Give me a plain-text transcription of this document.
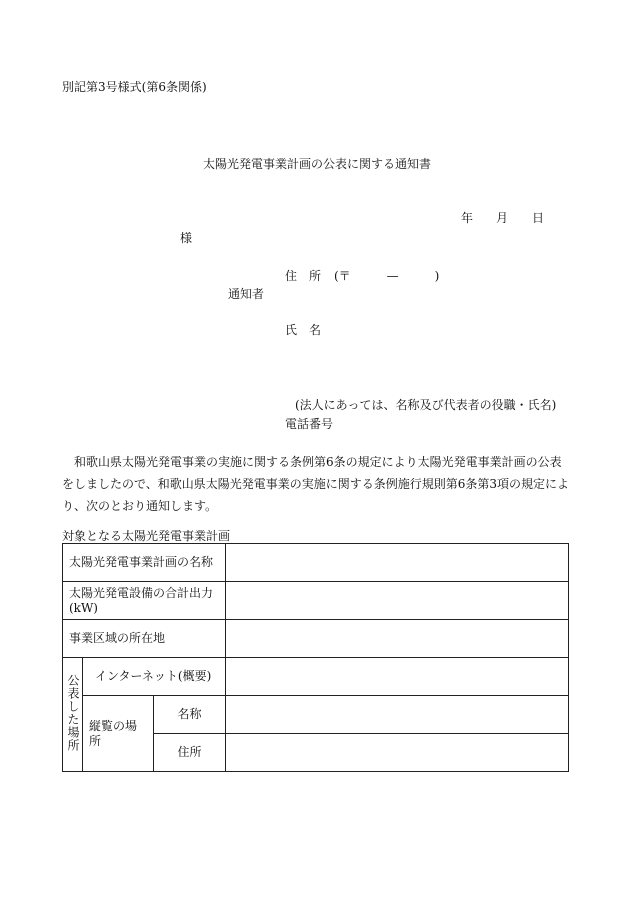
別記第3号様式(第6条関係)
太陽光発電事業計画の公表に関する通知書
年 月 日
様
住　所 (〒　　　—　　　)
通知者
氏　名
(法人にあっては、名称及び代表者の役職・氏名)
電話番号
和歌山県太陽光発電事業の実施に関する条例第6条の規定により太陽光発電事業計画の公表をしましたので、和歌山県太陽光発電事業の実施に関する条例施行規則第6条第3項の規定により、次のとおり通知します。
対象となる太陽光発電事業計画
太陽光発電事業計画の名称			
太陽光発電設備の合計出力(kW)			
事業区域の所在地			
公表した場所	インターネット(概要)		
	縦覧の場所	名称	
		住所	
